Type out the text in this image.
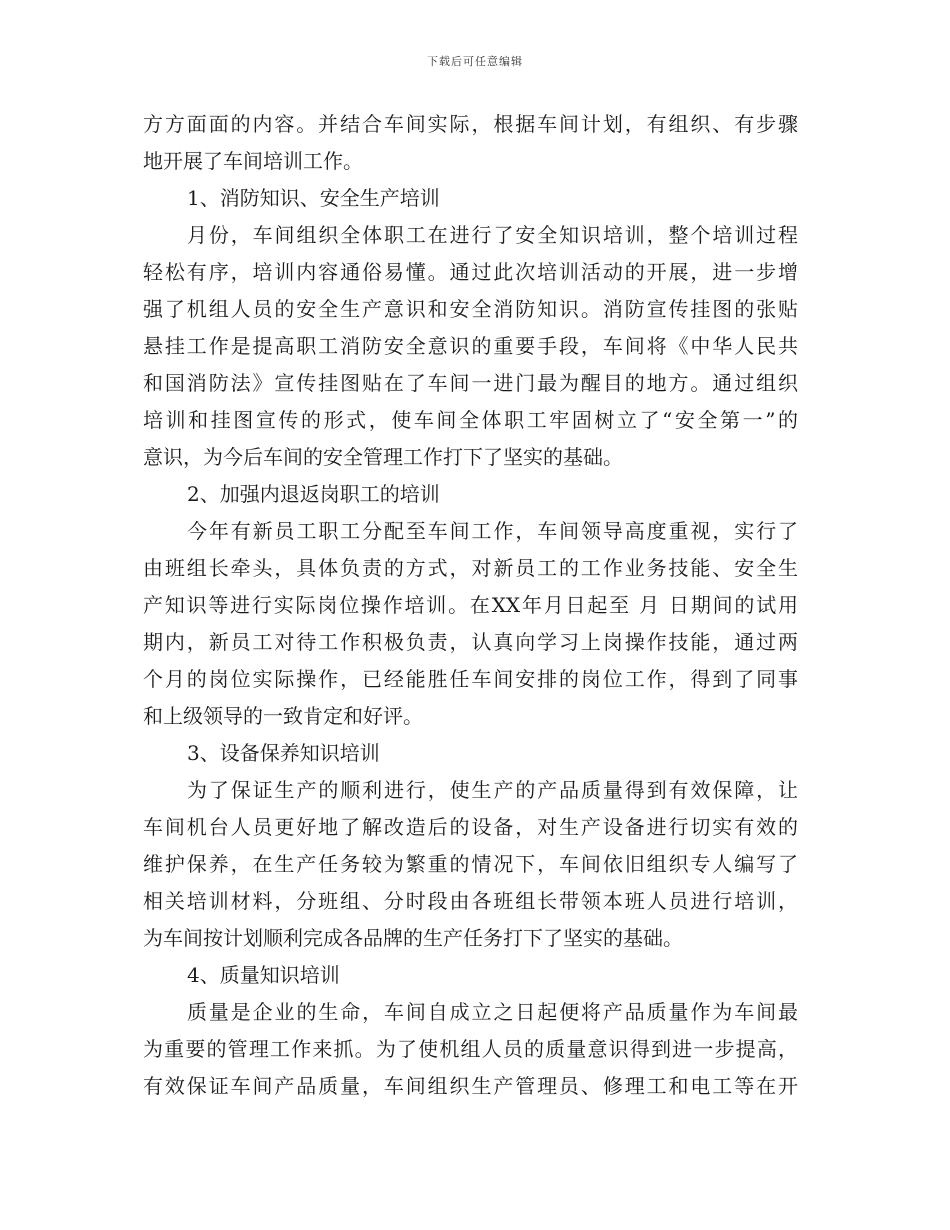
下载后可任意编辑
方方面面的内容。并结合车间实际，根据车间计划，有组织、有步骤
地开展了车间培训工作。
1、消防知识、安全生产培训
月份，车间组织全体职工在进行了安全知识培训，整个培训过程
轻松有序，培训内容通俗易懂。通过此次培训活动的开展，进一步增
强了机组人员的安全生产意识和安全消防知识。消防宣传挂图的张贴
悬挂工作是提高职工消防安全意识的重要手段，车间将《中华人民共
和国消防法》宣传挂图贴在了车间一进门最为醒目的地方。通过组织
培训和挂图宣传的形式，使车间全体职工牢固树立了“安全第一”的
意识，为今后车间的安全管理工作打下了坚实的基础。
2、加强内退返岗职工的培训
今年有新员工职工分配至车间工作，车间领导高度重视，实行了
由班组长牵头，具体负责的方式，对新员工的工作业务技能、安全生
产知识等进行实际岗位操作培训。在XX年月日起至 月 日期间的试用
期内，新员工对待工作积极负责，认真向学习上岗操作技能，通过两
个月的岗位实际操作，已经能胜任车间安排的岗位工作，得到了同事
和上级领导的一致肯定和好评。
3、设备保养知识培训
为了保证生产的顺利进行，使生产的产品质量得到有效保障，让
车间机台人员更好地了解改造后的设备，对生产设备进行切实有效的
维护保养，在生产任务较为繁重的情况下，车间依旧组织专人编写了
相关培训材料，分班组、分时段由各班组长带领本班人员进行培训，
为车间按计划顺利完成各品牌的生产任务打下了坚实的基础。
4、质量知识培训
质量是企业的生命，车间自成立之日起便将产品质量作为车间最
为重要的管理工作来抓。为了使机组人员的质量意识得到进一步提高，
有效保证车间产品质量，车间组织生产管理员、修理工和电工等在开
